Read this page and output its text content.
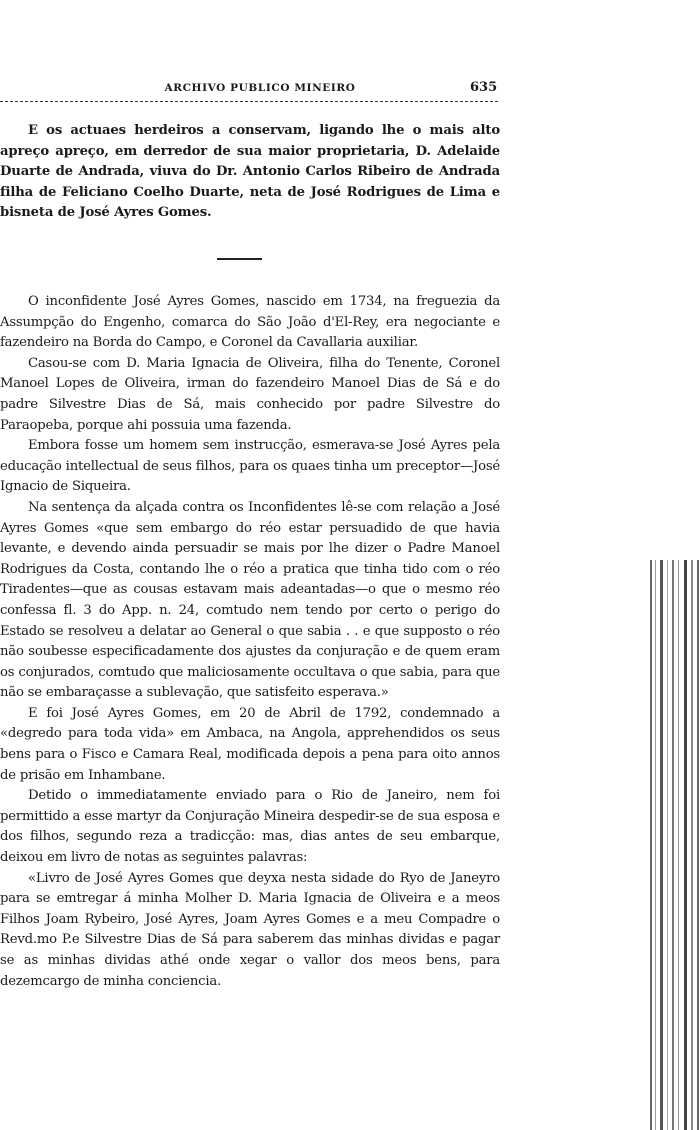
ARCHIVO PUBLICO MINEIRO	635

E os actuaes herdeiros a conservam, ligando lhe o mais alto apreço apreço, em derredor de sua maior proprietaria, D. Adelaide Duarte de Andrada, viuva do Dr. Antonio Carlos Ribeiro de Andrada filha de Feliciano Coelho Duarte, neta de José Rodrigues de Lima e bisneta de José Ayres Gomes.

O inconfidente José Ayres Gomes, nascido em 1734, na freguezia da Assumpção do Engenho, comarca do São João d'El-Rey, era negociante e fazendeiro na Borda do Campo, e Coronel da Cavallaria auxiliar.

Casou-se com D. Maria Ignacia de Oliveira, filha do Tenente, Coronel Manoel Lopes de Oliveira, irman do fazendeiro Manoel Dias de Sá e do padre Silvestre Dias de Sá, mais conhecido por padre Silvestre do Paraopeba, porque ahi possuia uma fazenda.

Embora fosse um homem sem instrucção, esmerava-se José Ayres pela educação intellectual de seus filhos, para os quaes tinha um preceptor—José Ignacio de Siqueira.

Na sentença da alçada contra os Inconfidentes lê-se com relação a José Ayres Gomes «que sem embargo do réo estar persuadido de que havia levante, e devendo ainda persuadir se mais por lhe dizer o Padre Manoel Rodrigues da Costa, contando lhe o réo a pratica que tinha tido com o réo Tiradentes—que as cousas estavam mais adeantadas—o que o mesmo réo confessa fl. 3 do App. n. 24, comtudo nem tendo por certo o perigo do Estado se resolveu a delatar ao General o que sabia . . e que supposto o réo não soubesse especificadamente dos ajustes da conjuração e de quem eram os conjurados, comtudo que maliciosamente occultava o que sabia, para que não se embaraçasse a sublevação, que satisfeito esperava.»

E foi José Ayres Gomes, em 20 de Abril de 1792, condemnado a «degredo para toda vida» em Ambaca, na Angola, apprehendidos os seus bens para o Fisco e Camara Real, modificada depois a pena para oito annos de prisão em Inhambane.

Detido o immediatamente enviado para o Rio de Janeiro, nem foi permittido a esse martyr da Conjuração Mineira despedir-se de sua esposa e dos filhos, segundo reza a tradicção: mas, dias antes de seu embarque, deixou em livro de notas as seguintes palavras:

«Livro de José Ayres Gomes que deyxa nesta sidade do Ryo de Janeyro para se emtregar á minha Molher D. Maria Ignacia de Oliveira e a meos Filhos Joam Rybeiro, José Ayres, Joam Ayres Gomes e a meu Compadre o Revd.mo P.e Silvestre Dias de Sá para saberem das minhas dividas e pagar se as minhas dividas athé onde xegar o vallor dos meos bens, para dezemcargo de minha conciencia.
